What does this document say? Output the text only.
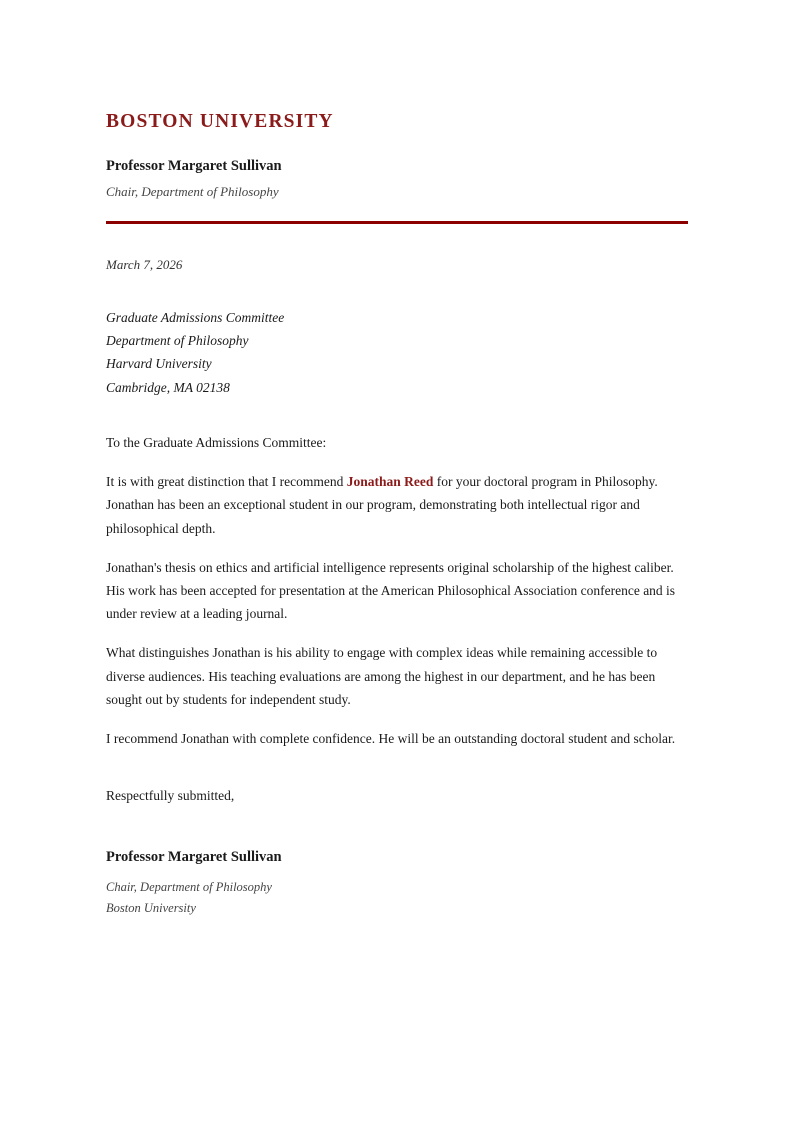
BOSTON UNIVERSITY
Professor Margaret Sullivan
Chair, Department of Philosophy
March 7, 2026
Graduate Admissions Committee
Department of Philosophy
Harvard University
Cambridge, MA 02138

To the Graduate Admissions Committee:

It is with great distinction that I recommend Jonathan Reed for your doctoral program in Philosophy. Jonathan has been an exceptional student in our program, demonstrating both intellectual rigor and philosophical depth.

Jonathan's thesis on ethics and artificial intelligence represents original scholarship of the highest caliber. His work has been accepted for presentation at the American Philosophical Association conference and is under review at a leading journal.

What distinguishes Jonathan is his ability to engage with complex ideas while remaining accessible to diverse audiences. His teaching evaluations are among the highest in our department, and he has been sought out by students for independent study.

I recommend Jonathan with complete confidence. He will be an outstanding doctoral student and scholar.

Respectfully submitted,

Professor Margaret Sullivan
Chair, Department of Philosophy
Boston University
